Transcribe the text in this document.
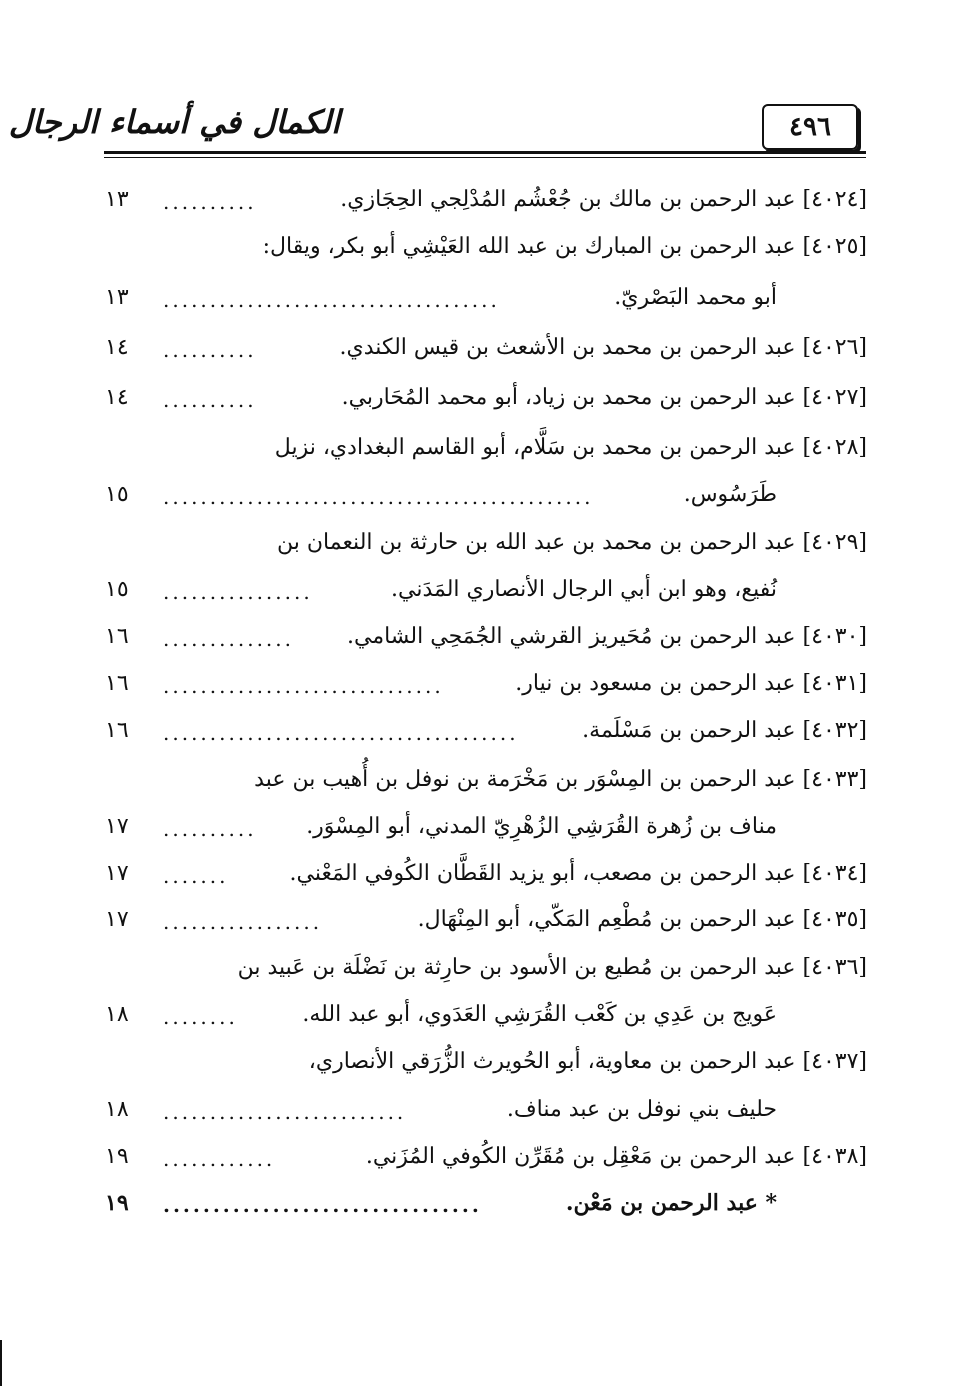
٤٩٦
الكمال في أسماء الرجال
[٤٠٢٤] عبد الرحمن بن مالك بن جُعْشُم المُدْلِجي الحِجَازي.
..........
١٣
[٤٠٢٥] عبد الرحمن بن المبارك بن عبد الله العَيْشِي أبو بكر، ويقال:
أبو محمد البَصْريّ.
....................................
١٣
[٤٠٢٦] عبد الرحمن بن محمد بن الأشعث بن قيس الكندي.
..........
١٤
[٤٠٢٧] عبد الرحمن بن محمد بن زياد، أبو محمد المُحَاربي.
..........
١٤
[٤٠٢٨] عبد الرحمن بن محمد بن سَلَّام، أبو القاسم البغدادي، نزيل
طَرَسُوس.
..............................................
١٥
[٤٠٢٩] عبد الرحمن بن محمد بن عبد الله بن حارثة بن النعمان بن
نُفيع، وهو ابن أبي الرجال الأنصاري المَدَني.
................
١٥
[٤٠٣٠] عبد الرحمن بن مُحَيريز القرشي الجُمَحِي الشامي.
..............
١٦
[٤٠٣١] عبد الرحمن بن مسعود بن نيار.
..............................
١٦
[٤٠٣٢] عبد الرحمن بن مَسْلَمة.
......................................
١٦
[٤٠٣٣] عبد الرحمن بن المِسْوَر بن مَخْرَمة بن نوفل بن أُهيب بن عبد
مناف بن زُهرة القُرَشِي الزُهْرِيّ المدني، أبو المِسْوَر.
..........
١٧
[٤٠٣٤] عبد الرحمن بن مصعب، أبو يزيد القَطَّان الكُوفي المَعْني.
.......
١٧
[٤٠٣٥] عبد الرحمن بن مُطْعِم المَكّي، أبو المِنْهَال.
.................
١٧
[٤٠٣٦] عبد الرحمن بن مُطيع بن الأسود بن حارِثة بن نَضْلَة بن عَبيد بن
عَويج بن عَدِي بن كَعْب القُرَشِي العَدَوي، أبو عبد الله.
........
١٨
[٤٠٣٧] عبد الرحمن بن معاوية، أبو الحُويرث الزُّرَقي الأنصاري،
حليف بني نوفل بن عبد مناف.
..........................
١٨
[٤٠٣٨] عبد الرحمن بن مَعْقِل بن مُقَرِّن الكُوفي المُزَني.
............
١٩
* عبد الرحمن بن مَعْن.
................................
١٩
